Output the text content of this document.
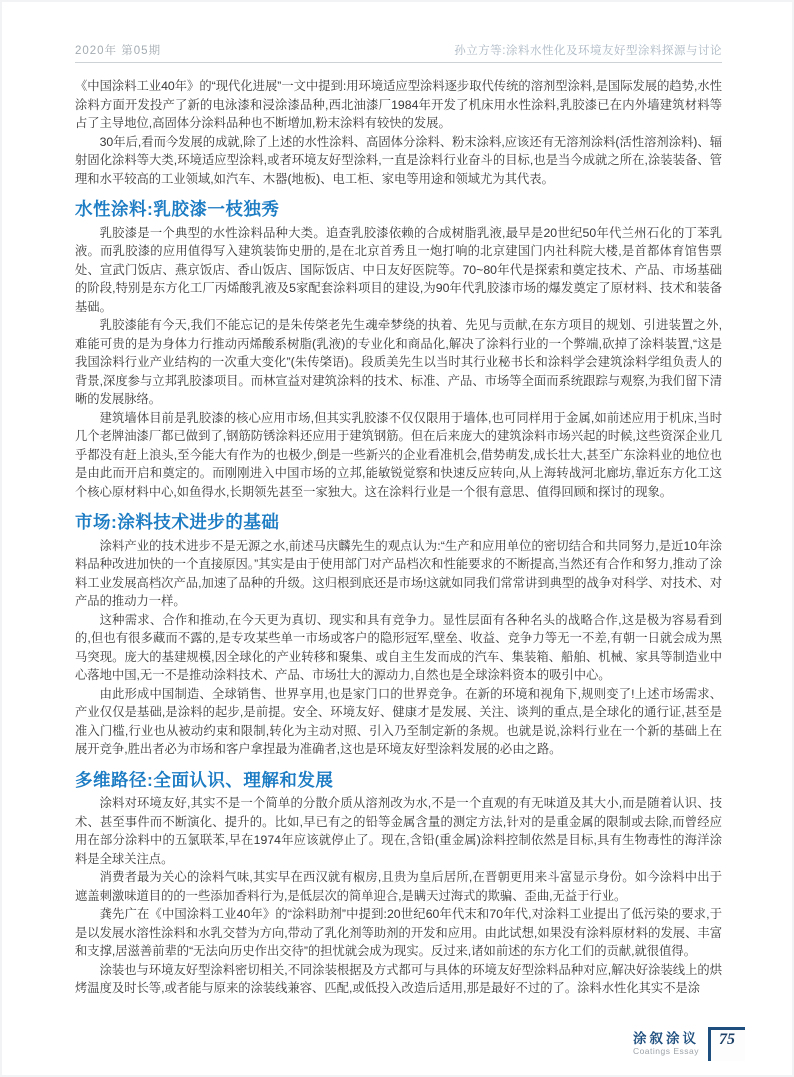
2020年 第05期	孙立方等:涂料水性化及环境友好型涂料探源与讨论

《中国涂料工业40年》的“现代化进展”一文中提到:用环境适应型涂料逐步取代传统的溶剂型涂料,是国际发展的趋势,水性涂料方面开发投产了新的电泳漆和浸涂漆品种,西北油漆厂1984年开发了机床用水性涂料,乳胶漆已在内外墙建筑材料等占了主导地位,高固体分涂料品种也不断增加,粉末涂料有较快的发展。

30年后,看而今发展的成就,除了上述的水性涂料、高固体分涂料、粉末涂料,应该还有无溶剂涂料(活性溶剂涂料)、辐射固化涂料等大类,环境适应型涂料,或者环境友好型涂料,一直是涂料行业奋斗的目标,也是当今成就之所在,涂装装备、管理和水平较高的工业领域,如汽车、木器(地板)、电工柜、家电等用途和领域尤为其代表。

水性涂料:乳胶漆一枝独秀

乳胶漆是一个典型的水性涂料品种大类。追查乳胶漆依赖的合成树脂乳液,最早是20世纪50年代兰州石化的丁苯乳液。而乳胶漆的应用值得写入建筑装饰史册的,是在北京首秀且一炮打响的北京建国门内社科院大楼,是首都体育馆售票处、宣武门饭店、燕京饭店、香山饭店、国际饭店、中日友好医院等。70~80年代是探索和奠定技术、产品、市场基础的阶段,特别是东方化工厂丙烯酸乳液及5家配套涂料项目的建设,为90年代乳胶漆市场的爆发奠定了原材料、技术和装备基础。

乳胶漆能有今天,我们不能忘记的是朱传棨老先生魂牵梦绕的执着、先见与贡献,在东方项目的规划、引进装置之外,难能可贵的是为身体力行推动丙烯酸系树脂(乳液)的专业化和商品化,解决了涂料行业的一个弊端,砍掉了涂料装置,“这是我国涂料行业产业结构的一次重大变化”(朱传棨语)。段质美先生以当时其行业秘书长和涂料学会建筑涂料学组负责人的背景,深度参与立邦乳胶漆项目。而林宣益对建筑涂料的技术、标准、产品、市场等全面而系统跟踪与观察,为我们留下清晰的发展脉络。

建筑墙体目前是乳胶漆的核心应用市场,但其实乳胶漆不仅仅限用于墙体,也可同样用于金属,如前述应用于机床,当时几个老牌油漆厂都已做到了,钢筋防锈涂料还应用于建筑钢筋。但在后来庞大的建筑涂料市场兴起的时候,这些资深企业几乎都没有赶上浪头,至今能大有作为的也极少,倒是一些新兴的企业看准机会,借势萌发,成长壮大,甚至广东涂料业的地位也是由此而开启和奠定的。而刚刚进入中国市场的立邦,能敏锐觉察和快速反应转向,从上海转战河北廊坊,靠近东方化工这个核心原材料中心,如鱼得水,长期领先甚至一家独大。这在涂料行业是一个很有意思、值得回顾和探讨的现象。

市场:涂料技术进步的基础

涂料产业的技术进步不是无源之水,前述马庆麟先生的观点认为:“生产和应用单位的密切结合和共同努力,是近10年涂料品种改进加快的一个直接原因。”其实是由于使用部门对产品档次和性能要求的不断提高,当然还有合作和努力,推动了涂料工业发展高档次产品,加速了品种的升级。这归根到底还是市场!这就如同我们常常讲到典型的战争对科学、对技术、对产品的推动力一样。

这种需求、合作和推动,在今天更为真切、现实和具有竞争力。显性层面有各种名头的战略合作,这是极为容易看到的,但也有很多藏而不露的,是专攻某些单一市场或客户的隐形冠军,壁垒、收益、竞争力等无一不差,有朝一日就会成为黑马突现。庞大的基建规模,因全球化的产业转移和聚集、或自主生发而成的汽车、集装箱、船舶、机械、家具等制造业中心落地中国,无一不是推动涂料技术、产品、市场壮大的源动力,自然也是全球涂料资本的吸引中心。

由此形成中国制造、全球销售、世界享用,也是家门口的世界竞争。在新的环境和视角下,规则变了!上述市场需求、产业仅仅是基础,是涂料的起步,是前提。安全、环境友好、健康才是发展、关注、谈判的重点,是全球化的通行证,甚至是准入门槛,行业也从被动约束和限制,转化为主动对照、引入乃至制定新的条规。也就是说,涂料行业在一个新的基础上在展开竞争,胜出者必为市场和客户拿捏最为准确者,这也是环境友好型涂料发展的必由之路。

多维路径:全面认识、理解和发展

涂料对环境友好,其实不是一个简单的分散介质从溶剂改为水,不是一个直观的有无味道及其大小,而是随着认识、技术、甚至事件而不断演化、提升的。比如,早已有之的铅等金属含量的测定方法,针对的是重金属的限制或去除,而曾经应用在部分涂料中的五氯联苯,早在1974年应该就停止了。现在,含铅(重金属)涂料控制依然是目标,具有生物毒性的海洋涂料是全球关注点。

消费者最为关心的涂料气味,其实早在西汉就有椒房,且贵为皇后居所,在晋朝更用来斗富显示身份。如今涂料中出于遮盖刺激味道目的的一些添加香料行为,是低层次的简单迎合,是瞒天过海式的欺骗、歪曲,无益于行业。

龚先广在《中国涂料工业40年》的“涂料助剂”中提到:20世纪60年代末和70年代,对涂料工业提出了低污染的要求,于是以发展水溶性涂料和水乳交替为方向,带动了乳化剂等助剂的开发和应用。由此试想,如果没有涂料原材料的发展、丰富和支撑,居滋善前辈的“无法向历史作出交待”的担忧就会成为现实。反过来,诸如前述的东方化工们的贡献,就很值得。

涂装也与环境友好型涂料密切相关,不同涂装根据及方式都可与具体的环境友好型涂料品种对应,解决好涂装线上的烘烤温度及时长等,或者能与原来的涂装线兼容、匹配,或低投入改造后适用,那是最好不过的了。涂料水性化其实不是涂

涂叙涂议
Coatings Essay
75
